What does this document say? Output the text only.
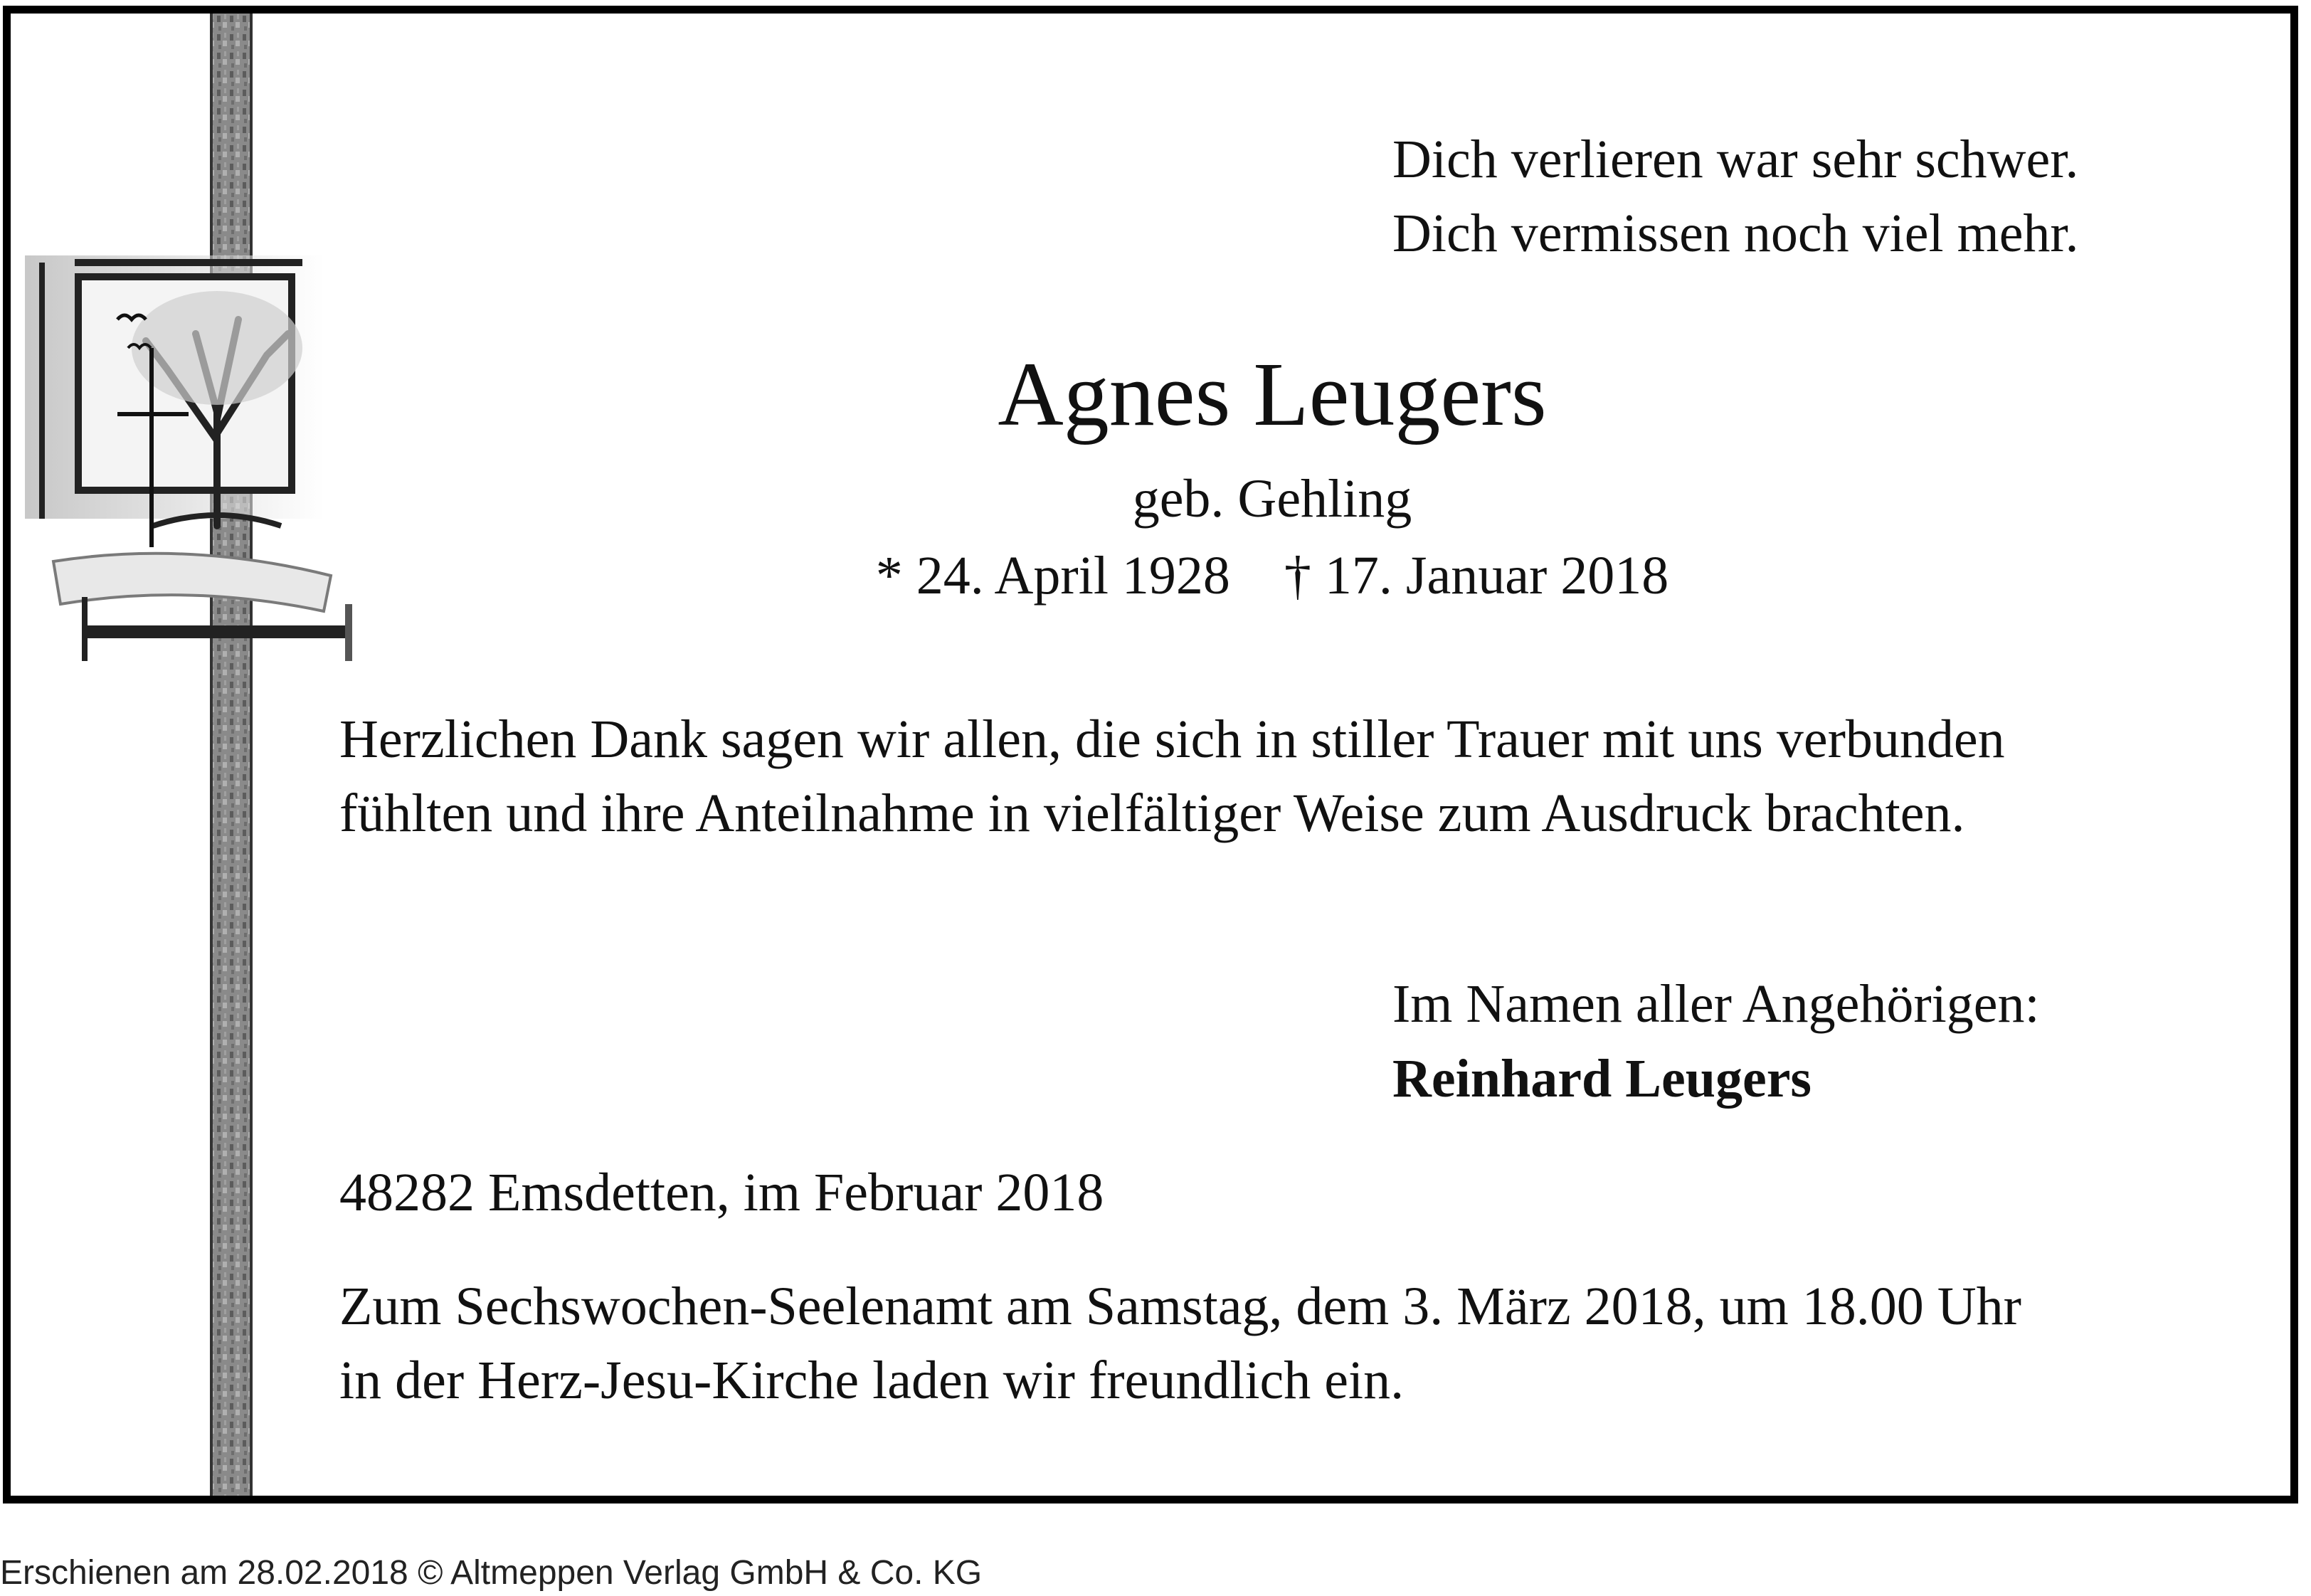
Dich verlieren war sehr schwer.
Dich vermissen noch viel mehr.

Agnes Leugers

geb. Gehling

* 24. April 1928    † 17. Januar 2018

Herzlichen Dank sagen wir allen, die sich in stiller Trauer mit uns verbunden
fühlten und ihre Anteilnahme in vielfältiger Weise zum Ausdruck brachten.

Im Namen aller Angehörigen:

Reinhard Leugers

48282 Emsdetten, im Februar 2018

Zum Sechswochen-Seelenamt am Samstag, dem 3. März 2018, um 18.00 Uhr
in der Herz-Jesu-Kirche laden wir freundlich ein.

Erschienen am 28.02.2018 © Altmeppen Verlag GmbH & Co. KG
